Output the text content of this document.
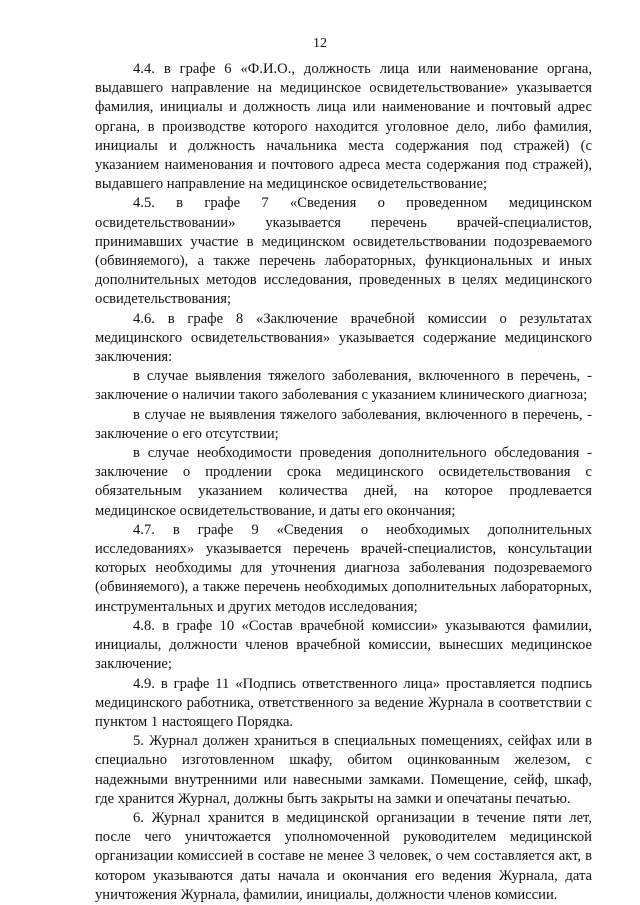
12

4.4. в графе 6 «Ф.И.О., должность лица или наименование органа, выдавшего направление на медицинское освидетельствование» указывается фамилия, инициалы и должность лица или наименование и почтовый адрес органа, в производстве которого находится уголовное дело, либо фамилия, инициалы и должность начальника места содержания под стражей) (с указанием наименования и почтового адреса места содержания под стражей), выдавшего направление на медицинское освидетельствование;

4.5. в графе 7 «Сведения о проведенном медицинском освидетельствовании» указывается перечень врачей-специалистов, принимавших участие в медицинском освидетельствовании подозреваемого (обвиняемого), а также перечень лабораторных, функциональных и иных дополнительных методов исследования, проведенных в целях медицинского освидетельствования;

4.6. в графе 8 «Заключение врачебной комиссии о результатах медицинского освидетельствования» указывается содержание медицинского заключения:

в случае выявления тяжелого заболевания, включенного в перечень, - заключение о наличии такого заболевания с указанием клинического диагноза;

в случае не выявления тяжелого заболевания, включенного в перечень, - заключение о его отсутствии;

в случае необходимости проведения дополнительного обследования - заключение о продлении срока медицинского освидетельствования с обязательным указанием количества дней, на которое продлевается медицинское освидетельствование, и даты его окончания;

4.7. в графе 9 «Сведения о необходимых дополнительных исследованиях» указывается перечень врачей-специалистов, консультации которых необходимы для уточнения диагноза заболевания подозреваемого (обвиняемого), а также перечень необходимых дополнительных лабораторных, инструментальных и других методов исследования;

4.8. в графе 10 «Состав врачебной комиссии» указываются фамилии, инициалы, должности членов врачебной комиссии, вынесших медицинское заключение;

4.9. в графе 11 «Подпись ответственного лица» проставляется подпись медицинского работника, ответственного за ведение Журнала в соответствии с пунктом 1 настоящего Порядка.

5. Журнал должен храниться в специальных помещениях, сейфах или в специально изготовленном шкафу, обитом оцинкованным железом, с надежными внутренними или навесными замками. Помещение, сейф, шкаф, где хранится Журнал, должны быть закрыты на замки и опечатаны печатью.

6. Журнал хранится в медицинской организации в течение пяти лет, после чего уничтожается уполномоченной руководителем медицинской организации комиссией в составе не менее 3 человек, о чем составляется акт, в котором указываются даты начала и окончания его ведения Журнала, дата уничтожения Журнала, фамилии, инициалы, должности членов комиссии.
